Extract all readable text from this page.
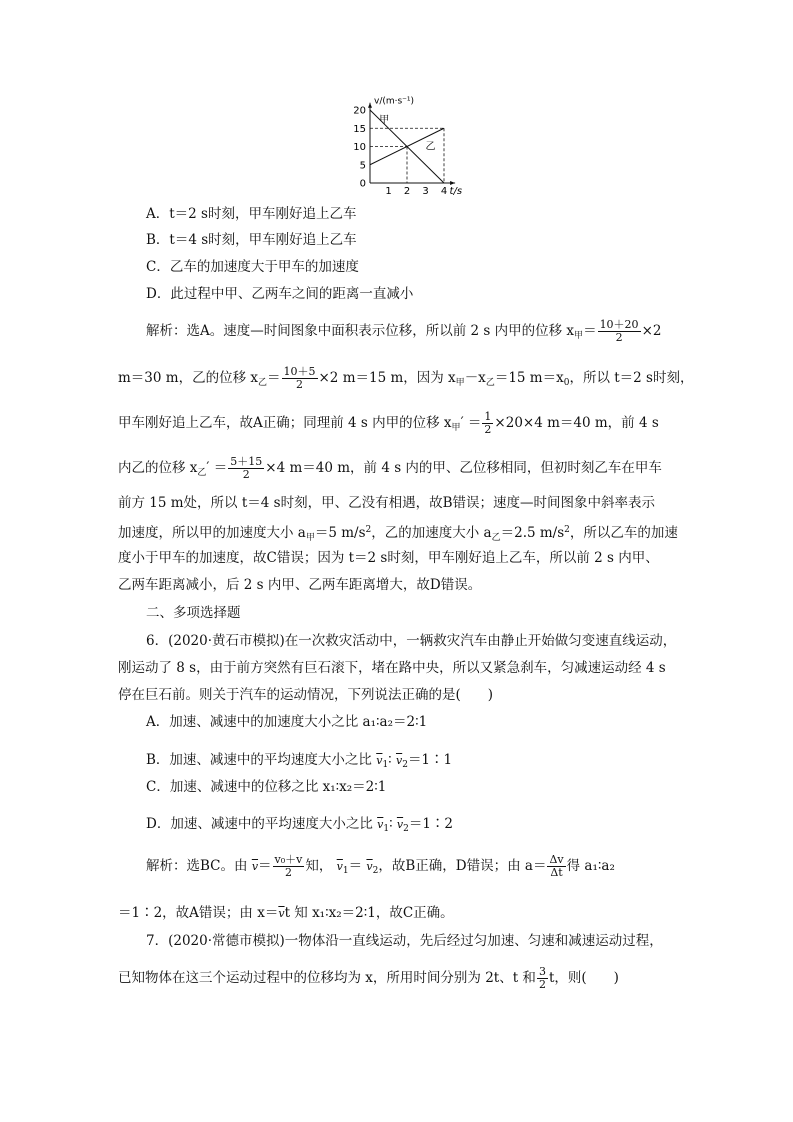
20
15
10
5
0
1 2 3 4
v/(m·s⁻¹)
t/s
甲
乙
A．t＝2 s时刻，甲车刚好追上乙车
B．t＝4 s时刻，甲车刚好追上乙车
C．乙车的加速度大于甲车的加速度
D．此过程中甲、乙两车之间的距离一直减小
解析：选A。速度—时间图象中面积表示位移，所以前 2 s 内甲的位移 $x_甲= \frac{10+20}{2} \times 2$
m＝30 m，乙的位移 $x_乙= \frac{10+5}{2} \times 2$ m＝15 m，因为 $x_甲-x_乙=15$ $m=x_0$，所以 t＝2 s时刻，
甲车刚好追上乙车，故A正确；同理前 4 s 内甲的位移 $x_甲' = \frac{1}{2} \times 20\times 4$ m＝40 m，前 4 s
内乙的位移 $x_乙' = \frac{5+15}{2} \times 4$ m＝40 m，前 4 s 内的甲、乙位移相同，但初时刻乙车在甲车
前方 15 m处，所以 t＝4 s时刻，甲、乙没有相遇，故B错误；速度—时间图象中斜率表示
加速度，所以甲的加速度大小 $a_甲=5$ $m/s^2$，乙的加速度大小 $a_乙=2.5$ $m/s^2$，所以乙车的加速
度小于甲车的加速度，故C错误；因为 t＝2 s时刻，甲车刚好追上乙车，所以前 2 s 内甲、
乙两车距离减小，后 2 s 内甲、乙两车距离增大，故D错误。
二、多项选择题
6．(2020·黄石市模拟)在一次救灾活动中，一辆救灾汽车由静止开始做匀变速直线运动，
刚运动了 8 s，由于前方突然有巨石滚下，堵在路中央，所以又紧急刹车，匀减速运动经 4 s
停在巨石前。则关于汽车的运动情况，下列说法正确的是(　　)
A．加速、减速中的加速度大小之比 a₁∶a₂＝2∶1
B．加速、减速中的平均速度大小之比 $\overline{v}_1∶$ $\overline{v}_2=1∶1$
C．加速、减速中的位移之比 x₁∶x₂＝2∶1
D．加速、减速中的平均速度大小之比 $\overline{v}_1∶$ $\overline{v}_2=1∶2$
解析：选BC。由 $\overline{v}= \frac{\text{v₀＋v}}{2}$ 知， $\overline{v}_1= \overline{v}_2$，故B正确，D错误；由 $a= \frac{\Delta v}{\Delta t}$ 得 a₁∶a₂
＝1∶2，故A错误；由 $x=\overline{v}t$ 知 x₁∶x₂＝2∶1，故C正确。
7．(2020·常德市模拟)一物体沿一直线运动，先后经过匀加速、匀速和减速运动过程，
已知物体在这三个运动过程中的位移均为 x，所用时间分别为 2t、t 和 $\frac{3}{2}$ t，则(　　)
